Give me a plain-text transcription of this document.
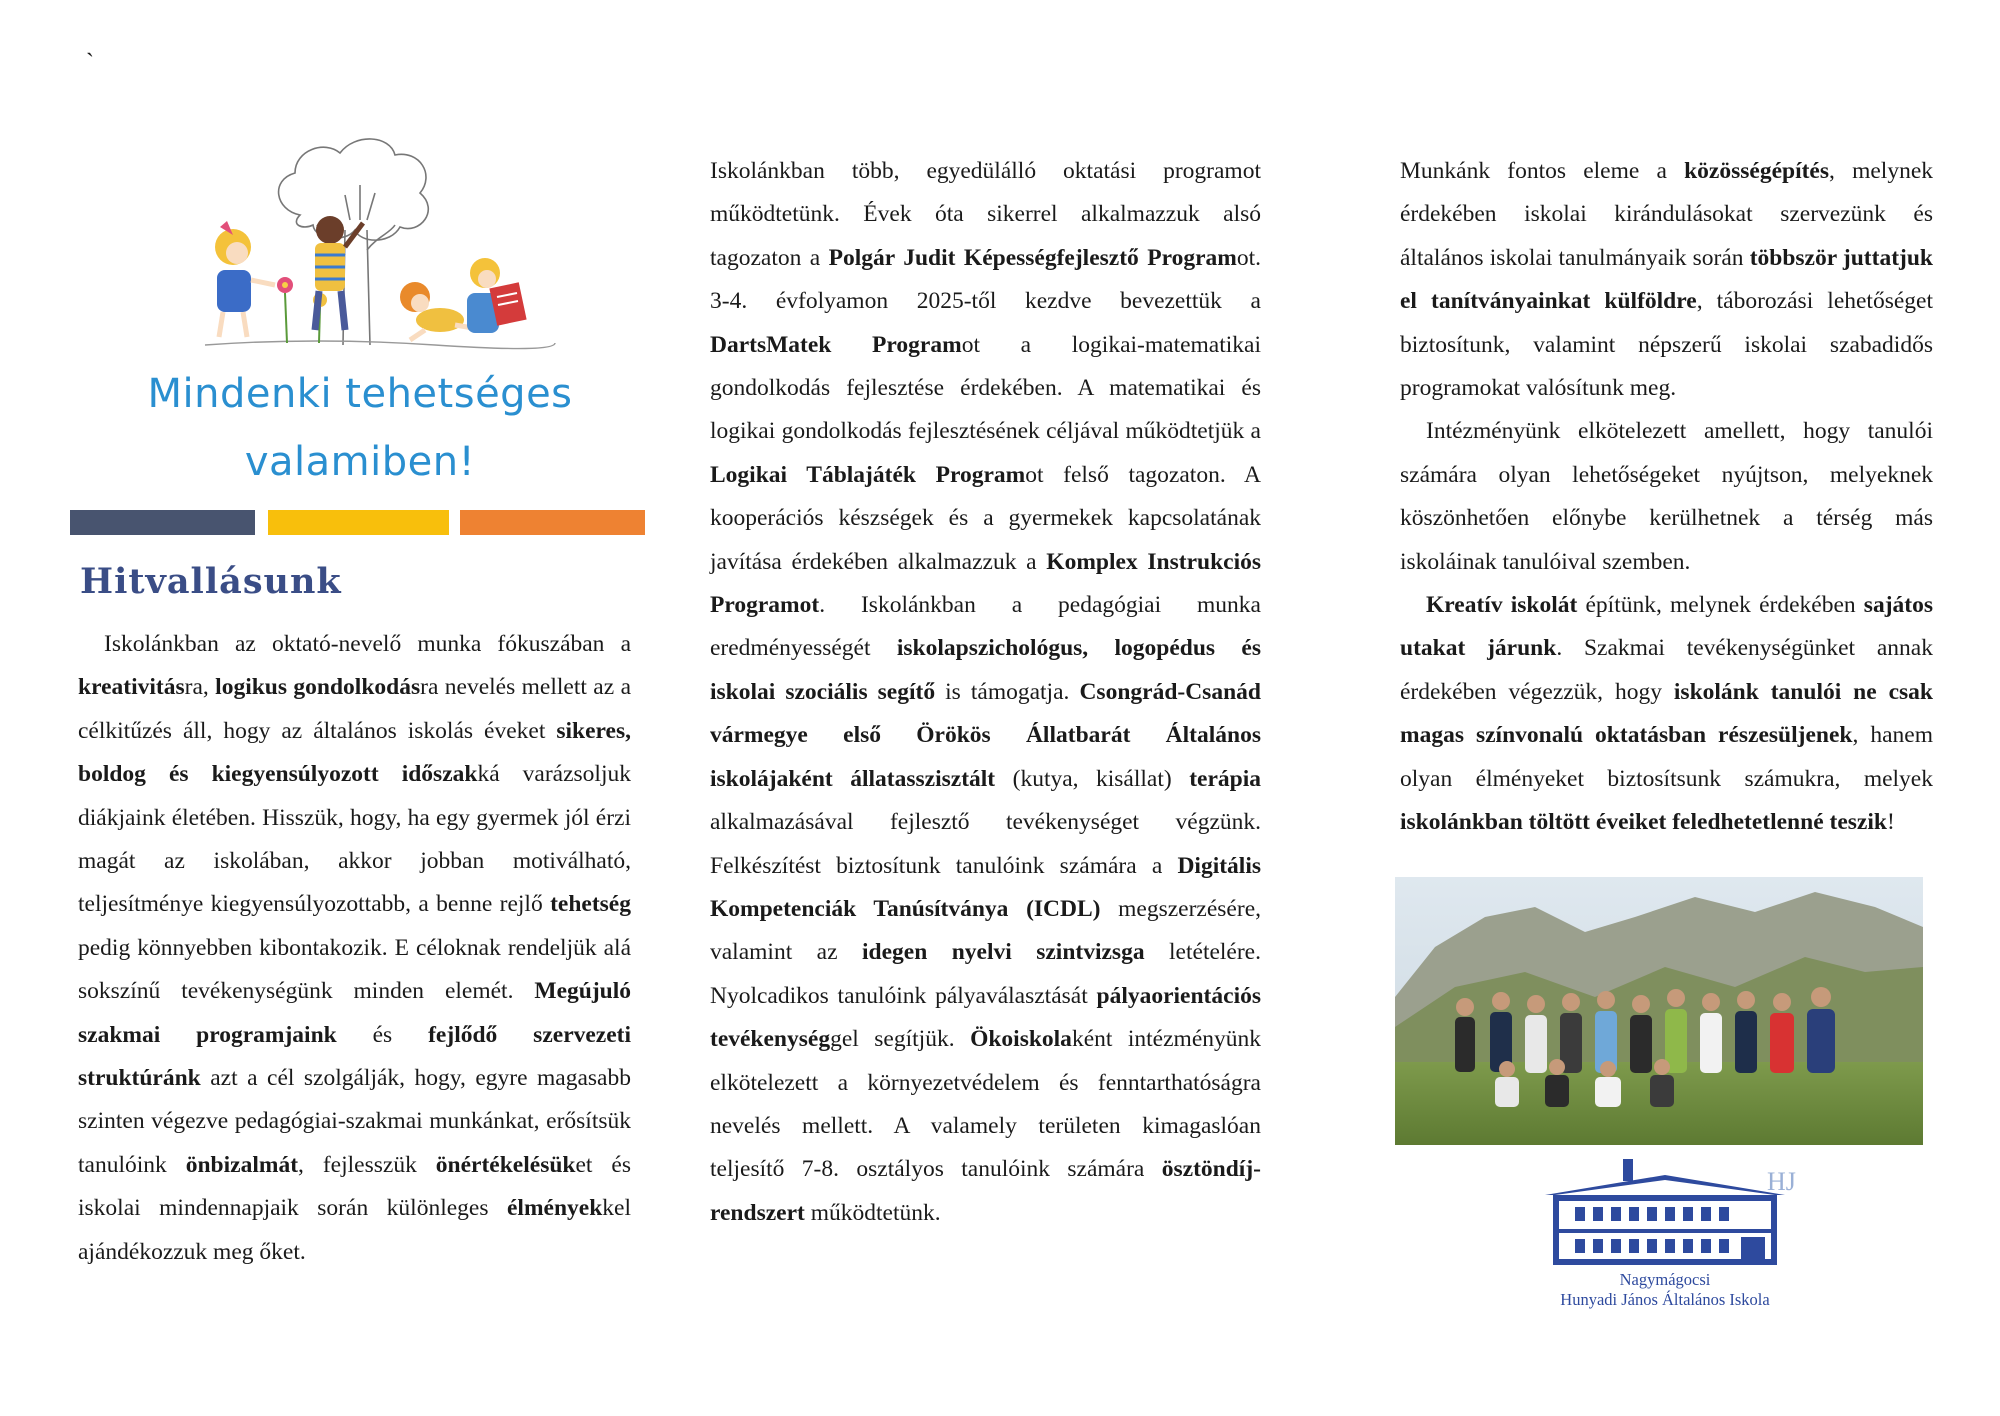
`
Mindenki tehetséges
valamiben!
Hitvallásunk

Iskolánkban az oktató-nevelő munka fókuszában a kreativitásra, logikus gondolkodásra nevelés mellett az a célkitűzés áll, hogy az általános iskolás éveket sikeres, boldog és kiegyensúlyozott időszakká varázsoljuk diákjaink életében. Hisszük, hogy, ha egy gyermek jól érzi magát az iskolában, akkor jobban motiválható, teljesítménye kiegyensúlyozottabb, a benne rejlő tehetség pedig könnyebben kibontakozik. E céloknak rendeljük alá sokszínű tevékenységünk minden elemét. Megújuló szakmai programjaink és fejlődő szervezeti struktúránk azt a cél szolgálják, hogy, egyre magasabb szinten végezve pedagógiai-szakmai munkánkat, erősítsük tanulóink önbizalmát, fejlesszük önértékelésüket és iskolai mindennapjaik során különleges élményekkel ajándékozzuk meg őket.

Iskolánkban több, egyedülálló oktatási programot működtetünk. Évek óta sikerrel alkalmazzuk alsó tagozaton a Polgár Judit Képességfejlesztő Programot. 3-4. évfolyamon 2025-től kezdve bevezettük a DartsMatek Programot a logikai-matematikai gondolkodás fejlesztése érdekében. A matematikai és logikai gondolkodás fejlesztésének céljával működtetjük a Logikai Táblajáték Programot felső tagozaton. A kooperációs készségek és a gyermekek kapcsolatának javítása érdekében alkalmazzuk a Komplex Instrukciós Programot. Iskolánkban a pedagógiai munka eredményességét iskolapszichológus, logopédus és iskolai szociális segítő is támogatja. Csongrád-Csanád vármegye első Örökös Állatbarát Általános iskolájaként állatasszisztált (kutya, kisállat) terápia alkalmazásával fejlesztő tevékenységet végzünk. Felkészítést biztosítunk tanulóink számára a Digitális Kompetenciák Tanúsítványa (ICDL) megszerzésére, valamint az idegen nyelvi szintvizsga letételére. Nyolcadikos tanulóink pályaválasztását pályaorientációs tevékenységgel segítjük. Ökoiskolaként intézményünk elkötelezett a környezetvédelem és fenntarthatóságra nevelés mellett. A valamely területen kimagaslóan teljesítő 7-8. osztályos tanulóink számára ösztöndíj-rendszert működtetünk.

Munkánk fontos eleme a közösségépítés, melynek érdekében iskolai kirándulásokat szervezünk és általános iskolai tanulmányaik során többször juttatjuk el tanítványainkat külföldre, táborozási lehetőséget biztosítunk, valamint népszerű iskolai szabadidős programokat valósítunk meg.

Intézményünk elkötelezett amellett, hogy tanulói számára olyan lehetőségeket nyújtson, melyeknek köszönhetően előnybe kerülhetnek a térség más iskoláinak tanulóival szemben.

Kreatív iskolát építünk, melynek érdekében sajátos utakat járunk. Szakmai tevékenységünket annak érdekében végezzük, hogy iskolánk tanulói ne csak magas színvonalú oktatásban részesüljenek, hanem olyan élményeket biztosítsunk számukra, melyek iskolánkban töltött éveiket feledhetetlenné teszik!

HJ
Nagymágocsi
Hunyadi János Általános Iskola
